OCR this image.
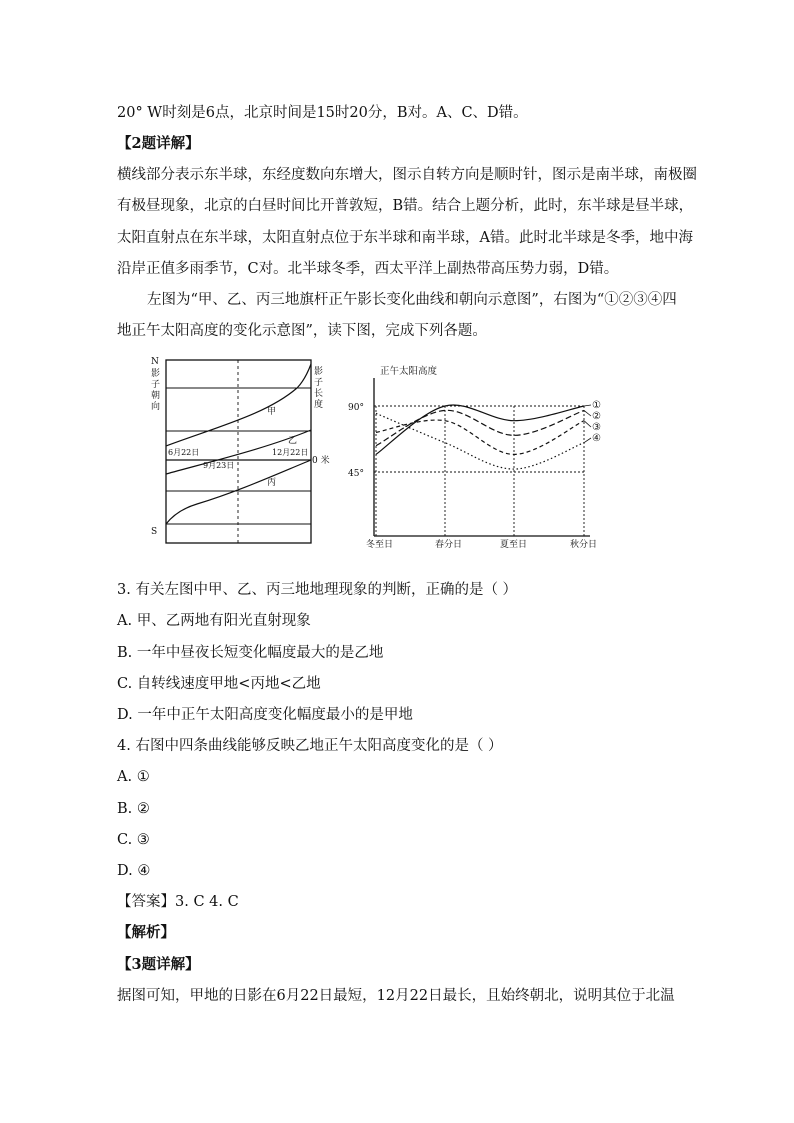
20° W时刻是6点，北京时间是15时20分，B对。A、C、D错。
【2题详解】
横线部分表示东半球，东经度数向东增大，图示自转方向是顺时针，图示是南半球，南极圈
有极昼现象，北京的白昼时间比开普敦短，B错。结合上题分析，此时，东半球是昼半球，
太阳直射点在东半球，太阳直射点位于东半球和南半球，A错。此时北半球是冬季，地中海
沿岸正值多雨季节，C对。北半球冬季，西太平洋上副热带高压势力弱，D错。
左图为“甲、乙、丙三地旗杆正午影长变化曲线和朝向示意图”，右图为“①②③④四
地正午太阳高度的变化示意图”，读下图，完成下列各题。
N
影
子
朝
向
S
影
子
长
度
0 米
甲
乙
丙
6月22日
9月23日
12月22日
正午太阳高度
90°
45°
冬至日	春分日	夏至日	秋分日
①
②
③
④
3. 有关左图中甲、乙、丙三地地理现象的判断，正确的是（ ）
A. 甲、乙两地有阳光直射现象
B. 一年中昼夜长短变化幅度最大的是乙地
C. 自转线速度甲地<丙地<乙地
D. 一年中正午太阳高度变化幅度最小的是甲地
4. 右图中四条曲线能够反映乙地正午太阳高度变化的是（ ）
A. ①
B. ②
C. ③
D. ④
【答案】3. C 4. C
【解析】
【3题详解】
据图可知，甲地的日影在6月22日最短，12月22日最长，且始终朝北，说明其位于北温
